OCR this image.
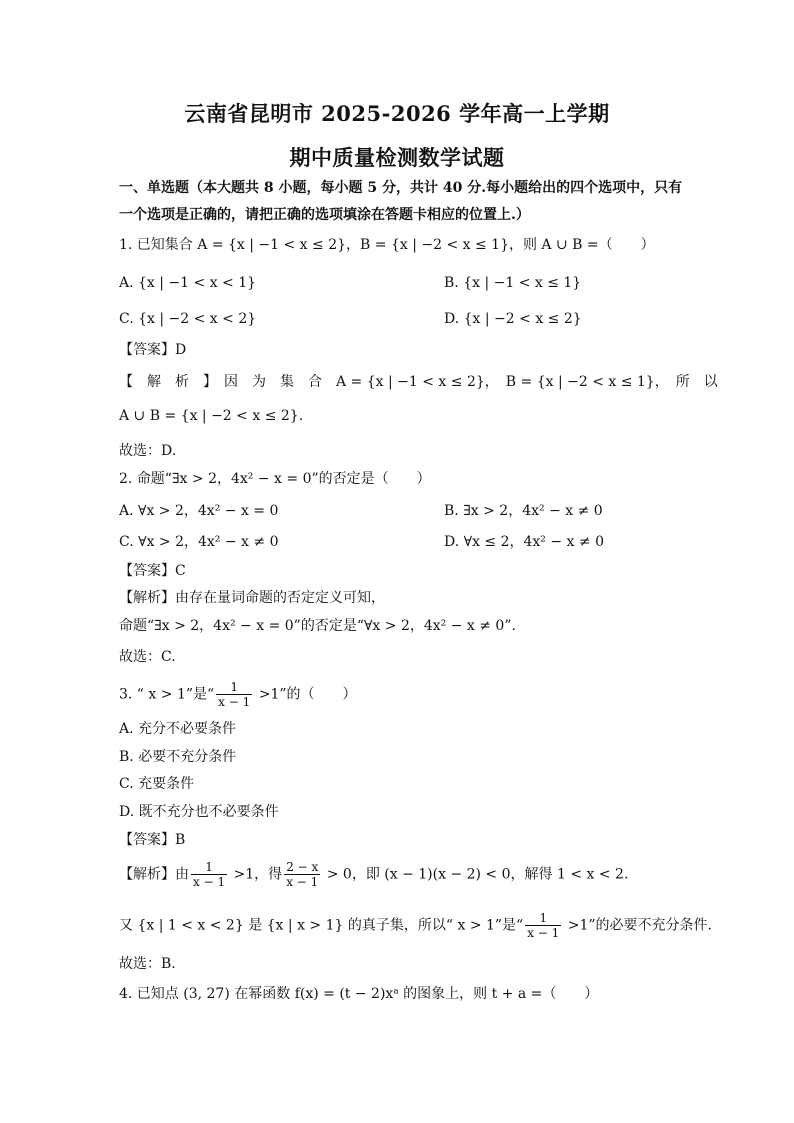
云南省昆明市 2025-2026 学年高一上学期
期中质量检测数学试题
一、单选题（本大题共 8 小题，每小题 5 分，共计 40 分.每小题给出的四个选项中，只有
一个选项是正确的，请把正确的选项填涂在答题卡相应的位置上.）
1. 已知集合 A = {x | −1 < x ≤ 2}，B = {x | −2 < x ≤ 1}，则 A ∪ B =（　　）
A. {x | −1 < x < 1}	B. {x | −1 < x ≤ 1}
C. {x | −2 < x < 2}	D. {x | −2 < x ≤ 2}
【答案】D
【　解　析　】　因　为　集　合　A = {x | −1 < x ≤ 2}，　B = {x | −2 < x ≤ 1}，　所　以
A ∪ B = {x | −2 < x ≤ 2}.
故选：D.
2. 命题“∃x > 2，4x² − x = 0”的否定是（　　）
A. ∀x > 2，4x² − x = 0	B. ∃x > 2，4x² − x ≠ 0
C. ∀x > 2，4x² − x ≠ 0	D. ∀x ≤ 2，4x² − x ≠ 0
【答案】C
【解析】由存在量词命题的否定定义可知，
命题“∃x > 2，4x² − x = 0”的否定是“∀x > 2，4x² − x ≠ 0”.
故选：C.
3. “ x > 1”是“ $\frac{1}{x - 1} >1$”的（　　）
A. 充分不必要条件
B. 必要不充分条件
C. 充要条件
D. 既不充分也不必要条件
【答案】B
【解析】由 $\frac{1}{x - 1} >1$，得 $\frac{2 - x}{x - 1} > 0$，即 (x − 1)(x − 2) < 0，解得 1 < x < 2.
又 {x | 1 < x < 2} 是 {x | x > 1} 的真子集，所以“ x > 1”是“ $\frac{1}{x - 1} >1$”的必要不充分条件.
故选：B.
4. 已知点 (3, 27) 在幂函数 f(x) = (t − 2)xᵃ 的图象上，则 t + a =（　　）
